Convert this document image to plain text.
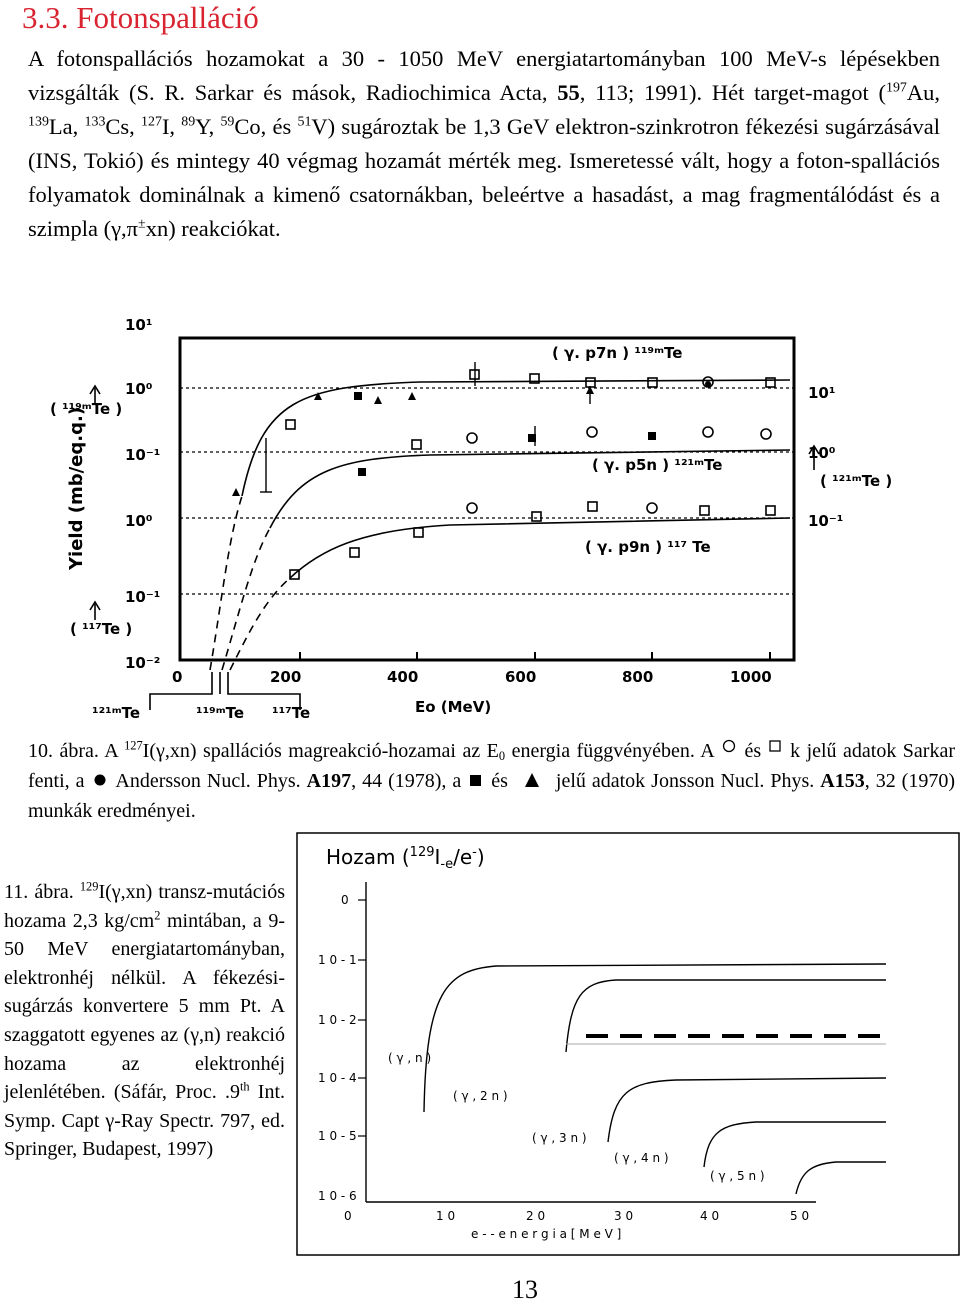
3.3. Fotonspalláció

A fotonspallációs hozamokat a 30 - 1050 MeV energiatartományban 100 MeV-s lépésekben vizsgálták (S. R. Sarkar és mások, Radiochimica Acta, 55, 113; 1991). Hét target-magot ($^{197}$Au, $^{139}$La, $^{133}$Cs, $^{127}$I, $^{89}$Y, $^{59}$Co, és $^{51}$V) sugároztak be 1,3 GeV elektron-szinkrotron fékezési sugárzásával (INS, Tokió) és mintegy 40 végmag hozamát mérték meg. Ismeretessé vált, hogy a foton-spallációs folyamatok dominálnak a kimenő csatornákban, beleértve a hasadást, a mag fragmentálódást és a szimpla (γ,π±xn) reakciókat.

10¹
10⁰
10⁻¹
10⁰
10⁻¹
10⁻²
10¹
10⁰
10⁻¹
( γ. p7n ) ¹¹⁹ᵐTe
( γ. p5n ) ¹²¹ᵐTe
( γ. p9n ) ¹¹⁷ Te
( ¹¹⁹ᵐTe )
( ¹¹⁷Te )
( ¹²¹ᵐTe )
0	200	400	600	800	1000
¹²¹ᵐTe	¹¹⁹ᵐTe ¹¹⁷Te	Eo (MeV)
Yield (mb/eq.q.)

10. ábra. A $^{127}$I(γ,xn) spallációs magreakció-hozamai az $E_0$ energia függvényében. A  és  k jelű adatok Sarkar fenti, a  Andersson Nucl. Phys. A197, 44 (1978), a  és  jelű adatok Jonsson Nucl. Phys. A153, 32 (1970) munkák eredményei.

Hozam $(^{129}I_{-e}/e^-)$
0
1 0 - 1
1 0 - 2
1 0 - 4
1 0 - 5
1 0 - 6
0	1 0	2 0	3 0	4 0	5 0
e - - e n e r g i a [ M e V ]
( γ , n )
( γ , 2 n )
( γ , 3 n )
( γ , 4 n )
( γ , 5 n )

11. ábra. $^{129}$I(γ,xn) transz-mutációs hozama 2,3 $kg/cm^2$ mintában, a 9-50 MeV energiatartományban, elektronhéj nélkül. A fékezési-sugárzás konvertere 5 mm Pt. A szaggatott egyenes az (γ,n) reakció hozama az elektronhéj jelenlétében. (Sáfár, Proc. .9th Int. Symp. Capt γ-Ray Spectr. 797, ed. Springer, Budapest, 1997)

13
